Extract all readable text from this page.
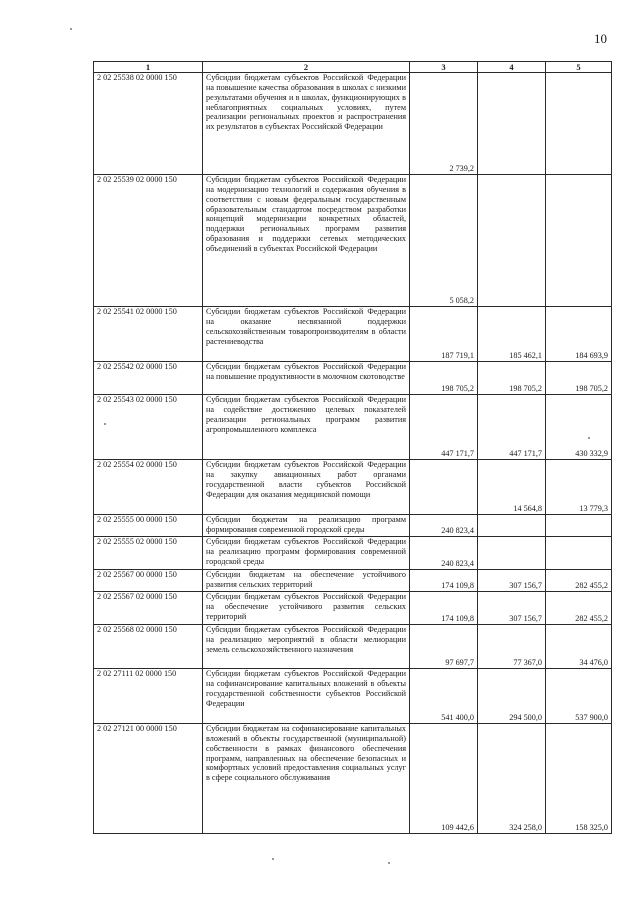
10
1	2	3	4	5
2 02 25538 02 0000 150	Субсидии бюджетам субъектов Российской Федерации на повышение качества образования в школах с низкими результатами обучения и в школах, функционирующих в неблагоприятных социальных условиях, путем реализации региональных проектов и распространения их результатов в субъектах Российской Федерации	2 739,2		
2 02 25539 02 0000 150	Субсидии бюджетам субъектов Российской Федерации на модернизацию технологий и содержания обучения в соответствии с новым федеральным государственным образовательным стандартом посредством разработки концепций модернизации конкретных областей, поддержки региональных программ развития образования и поддержки сетевых методических объединений в субъектах Российской Федерации	5 058,2		
2 02 25541 02 0000 150	Субсидии бюджетам субъектов Российской Федерации на оказание несвязанной поддержки сельскохозяйственным товаропроизводителям в области растениеводства	187 719,1	185 462,1	184 693,9
2 02 25542 02 0000 150	Субсидии бюджетам субъектов Российской Федерации на повышение продуктивности в молочном скотоводстве	198 705,2	198 705,2	198 705,2
2 02 25543 02 0000 150	Субсидии бюджетам субъектов Российской Федерации на содействие достижению целевых показателей реализации региональных программ развития агропромышленного комплекса	447 171,7	447 171,7	430 332,9
2 02 25554 02 0000 150	Субсидии бюджетам субъектов Российской Федерации на закупку авиационных работ органами государственной власти субъектов Российской Федерации для оказания медицинской помощи		14 564,8	13 779,3
2 02 25555 00 0000 150	Субсидии бюджетам на реализацию программ формирования современной городской среды	240 823,4		
2 02 25555 02 0000 150	Субсидии бюджетам субъектов Российской Федерации на реализацию программ формирования современной городской среды	240 823,4		
2 02 25567 00 0000 150	Субсидии бюджетам на обеспечение устойчивого развития сельских территорий	174 109,8	307 156,7	282 455,2
2 02 25567 02 0000 150	Субсидии бюджетам субъектов Российской Федерации на обеспечение устойчивого развития сельских территорий	174 109,8	307 156,7	282 455,2
2 02 25568 02 0000 150	Субсидии бюджетам субъектов Российской Федерации на реализацию мероприятий в области мелиорации земель сельскохозяйственного назначения	97 697,7	77 367,0	34 476,0
2 02 27111 02 0000 150	Субсидии бюджетам субъектов Российской Федерации на софинансирование капитальных вложений в объекты государственной собственности субъектов Российской Федерации	541 400,0	294 500,0	537 900,0
2 02 27121 00 0000 150	Субсидии бюджетам на софинансирование капитальных вложений в объекты государственной (муниципальной) собственности в рамках финансового обеспечения программ, направленных на обеспечение безопасных и комфортных условий предоставления социальных услуг в сфере социального обслуживания	109 442,6	324 258,0	158 325,0
